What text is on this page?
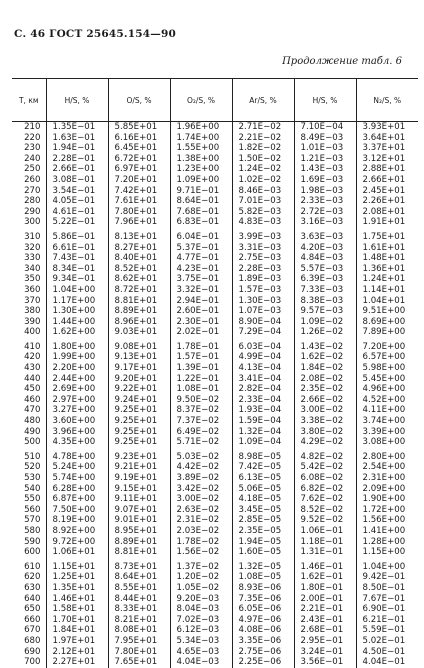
С. 46 ГОСТ 25645.154—90
Продолжение табл. 6
T, км	H/S, %	O/S, %	O₂/S, %	Ar/S, %	H/S, %	N₂/S, %
210	1.35E−01	5.85E+01	1.96E+00	2.71E−02	7.10E−04	3.93E+01
220	1.63E−01	6.16E+01	1.74E+00	2.21E−02	8.49E−03	3.64E+01
230	1.94E−01	6.45E+01	1.55E+00	1.82E−02	1.01E−03	3.37E+01
240	2.28E−01	6.72E+01	1.38E+00	1.50E−02	1.21E−03	3.12E+01
250	2.66E−01	6.97E+01	1.23E+00	1.24E−02	1.43E−03	2.88E+01
260	3.08E−01	7.20E+01	1.09E+00	1.02E−02	1.69E−03	2.66E+01
270	3.54E−01	7.42E+01	9.71E−01	8.46E−03	1.98E−03	2.45E+01
280	4.05E−01	7.61E+01	8.64E−01	7.01E−03	2.33E−03	2.26E+01
290	4.61E−01	7.80E+01	7.68E−01	5.82E−03	2.72E−03	2.08E+01
300	5.22E−01	7.96E+01	6.83E−01	4.83E−03	3.16E−03	1.91E+01
310	5.86E−01	8.13E+01	6.04E−01	3.99E−03	3.63E−03	1.75E+01
320	6.61E−01	8.27E+01	5.37E−01	3.31E−03	4.20E−03	1.61E+01
330	7.43E−01	8.40E+01	4.77E−01	2.75E−03	4.84E−03	1.48E+01
340	8.34E−01	8.52E+01	4.23E−01	2.28E−03	5.57E−03	1.36E+01
350	9.34E−01	8.62E+01	3.75E−01	1.89E−03	6.39E−03	1.24E+01
360	1.04E+00	8.72E+01	3.32E−01	1.57E−03	7.33E−03	1.14E+01
370	1.17E+00	8.81E+01	2.94E−01	1.30E−03	8.38E−03	1.04E+01
380	1.30E+00	8.89E+01	2.60E−01	1.07E−03	9.57E−03	9.51E+00
390	1.44E+00	8.96E+01	2.30E−01	8.90E−04	1.09E−02	8.69E+00
400	1.62E+00	9.03E+01	2.02E−01	7.29E−04	1.26E−02	7.89E+00
410	1.80E+00	9.08E+01	1.78E−01	6.03E−04	1.43E−02	7.20E+00
420	1.99E+00	9.13E+01	1.57E−01	4.99E−04	1.62E−02	6.57E+00
430	2.20E+00	9.17E+01	1.39E−01	4.13E−04	1.84E−02	5.98E+00
440	2.44E+00	9.20E+01	1.22E−01	3.41E−04	2.08E−02	5.45E+00
450	2.69E+00	9.22E+01	1.08E−01	2.82E−04	2.35E−02	4.96E+00
460	2.97E+00	9.24E+01	9.50E−02	2.33E−04	2.66E−02	4.52E+00
470	3.27E+00	9.25E+01	8.37E−02	1.93E−04	3.00E−02	4.11E+00
480	3.60E+00	9.25E+01	7.37E−02	1.59E−04	3.38E−02	3.74E+00
490	3.96E+00	9.25E+01	6.49E−02	1.32E−04	3.80E−02	3.39E+00
500	4.35E+00	9.25E+01	5.71E−02	1.09E−04	4.29E−02	3.08E+00
510	4.78E+00	9.23E+01	5.03E−02	8.98E−05	4.82E−02	2.80E+00
520	5.24E+00	9.21E+01	4.42E−02	7.42E−05	5.42E−02	2.54E+00
530	5.74E+00	9.19E+01	3.89E−02	6.13E−05	6.08E−02	2.31E+00
540	6.28E+00	9.15E+01	3.42E−02	5.06E−05	6.82E−02	2.09E+00
550	6.87E+00	9.11E+01	3.00E−02	4.18E−05	7.62E−02	1.90E+00
560	7.50E+00	9.07E+01	2.63E−02	3.45E−05	8.52E−02	1.72E+00
570	8.19E+00	9.01E+01	2.31E−02	2.85E−05	9.52E−02	1.56E+00
580	8.92E+00	8.95E+01	2.03E−02	2.35E−05	1.06E−01	1.41E+00
590	9.72E+00	8.89E+01	1.78E−02	1.94E−05	1.18E−01	1.28E+00
600	1.06E+01	8.81E+01	1.56E−02	1.60E−05	1.31E−01	1.15E+00
610	1.15E+01	8.73E+01	1.37E−02	1.32E−05	1.46E−01	1.04E+00
620	1.25E+01	8.64E+01	1.20E−02	1.08E−05	1.62E−01	9.42E−01
630	1.35E+01	8.55E+01	1.05E−02	8.93E−06	1.80E−01	8.50E−01
640	1.46E+01	8.44E+01	9.20E−03	7.35E−06	2.00E−01	7.67E−01
650	1.58E+01	8.33E+01	8.04E−03	6.05E−06	2.21E−01	6.90E−01
660	1.70E+01	8.21E+01	7.02E−03	4.97E−06	2.43E−01	6.21E−01
670	1.84E+01	8.08E+01	6.12E−03	4.08E−06	2.68E−01	5.59E−01
680	1.97E+01	7.95E+01	5.34E−03	3.35E−06	2.95E−01	5.02E−01
690	2.12E+01	7.80E+01	4.65E−03	2.75E−06	3.24E−01	4.50E−01
700	2.27E+01	7.65E+01	4.04E−03	2.25E−06	3.56E−01	4.04E−01
